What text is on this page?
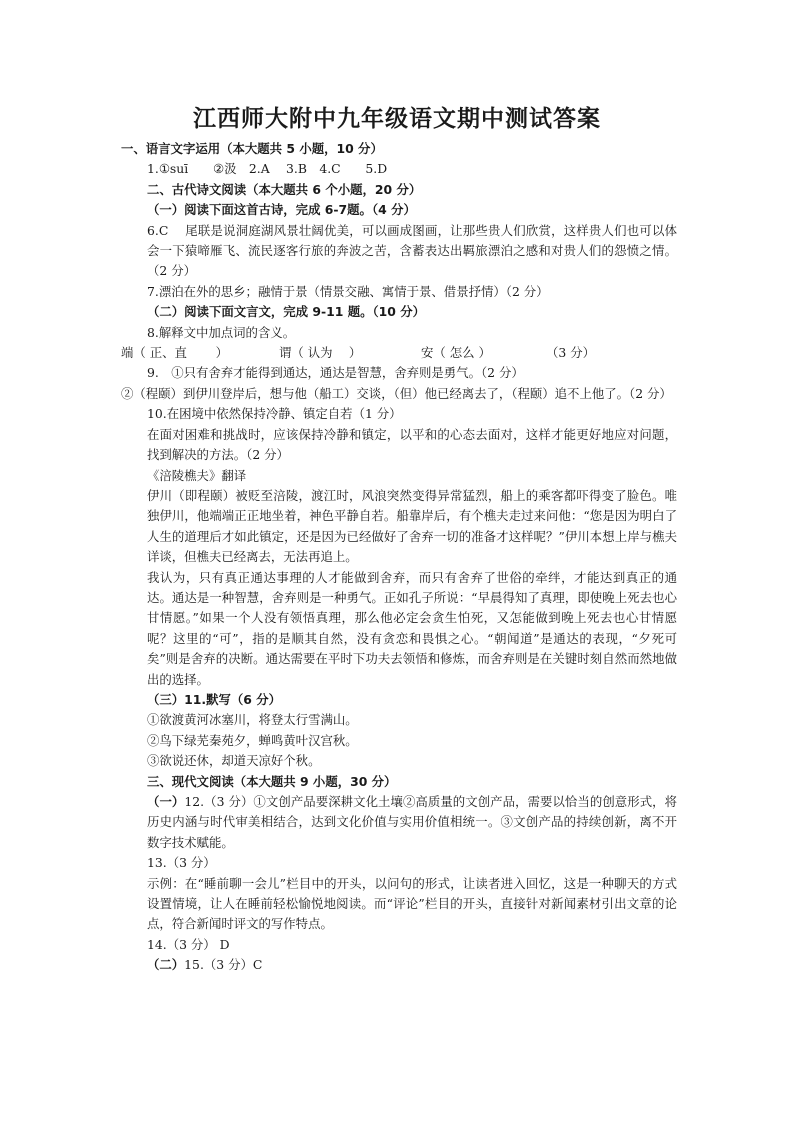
江西师大附中九年级语文期中测试答案

一、语言文字运用（本大题共 5 小题，10 分）

1.①suī　　②汲　2.A　 3.B　4.C　　5.D

二、古代诗文阅读（本大题共 6 个小题，20 分）

（一）阅读下面这首古诗，完成 6-7题。（4 分）

6.C　 尾联是说洞庭湖风景壮阔优美，可以画成图画，让那些贵人们欣赏，这样贵人们也可以体会一下猿啼雁飞、流民逐客行旅的奔波之苦，含蓄表达出羁旅漂泊之感和对贵人们的怨愤之情。（2 分）

7.漂泊在外的思乡；融情于景（情景交融、寓情于景、借景抒情）（2 分）

（二）阅读下面文言文，完成 9-11 题。（10 分）

8.解释文中加点词的含义。

端（ 正、直　　 ）	谓（ 认为　 ）	安（ 怎么 ）	（3 分）

9.　①只有舍弃才能得到通达，通达是智慧，舍弃则是勇气。（2 分）

②（程颐）到伊川登岸后，想与他（船工）交谈，（但）他已经离去了，（程颐）追不上他了。（2 分）

10.在困境中依然保持冷静、镇定自若（1 分）

在面对困难和挑战时，应该保持冷静和镇定，以平和的心态去面对，这样才能更好地应对问题，找到解决的方法。（2 分）

《涪陵樵夫》翻译

伊川（即程颐）被贬至涪陵，渡江时，风浪突然变得异常猛烈，船上的乘客都吓得变了脸色。唯独伊川，他端端正正地坐着，神色平静自若。船靠岸后，有个樵夫走过来问他：“您是因为明白了人生的道理后才如此镇定，还是因为已经做好了舍弃一切的准备才这样呢？”伊川本想上岸与樵夫详谈，但樵夫已经离去，无法再追上。

我认为，只有真正通达事理的人才能做到舍弃，而只有舍弃了世俗的牵绊，才能达到真正的通达。通达是一种智慧，舍弃则是一种勇气。正如孔子所说：“早晨得知了真理，即使晚上死去也心甘情愿。”如果一个人没有领悟真理，那么他必定会贪生怕死，又怎能做到晚上死去也心甘情愿呢？这里的“可”，指的是顺其自然，没有贪恋和畏惧之心。“朝闻道”是通达的表现，“夕死可矣”则是舍弃的决断。通达需要在平时下功夫去领悟和修炼，而舍弃则是在关键时刻自然而然地做出的选择。

（三）11.默写（6 分）

①欲渡黄河冰塞川，将登太行雪满山。

②鸟下绿芜秦苑夕，蝉鸣黄叶汉宫秋。

③欲说还休，却道天凉好个秋。

三、现代文阅读（本大题共 9 小题，30 分）

（一）12.（3 分）①文创产品要深耕文化土壤②高质量的文创产品，需要以恰当的创意形式，将历史内涵与时代审美相结合，达到文化价值与实用价值相统一。③文创产品的持续创新，离不开数字技术赋能。

13.（3 分）

示例：在“睡前聊一会儿”栏目中的开头，以问句的形式，让读者进入回忆，这是一种聊天的方式设置情境，让人在睡前轻松愉悦地阅读。而“评论”栏目的开头，直接针对新闻素材引出文章的论点，符合新闻时评文的写作特点。

14.（3 分） D

（二）15.（3 分）C
